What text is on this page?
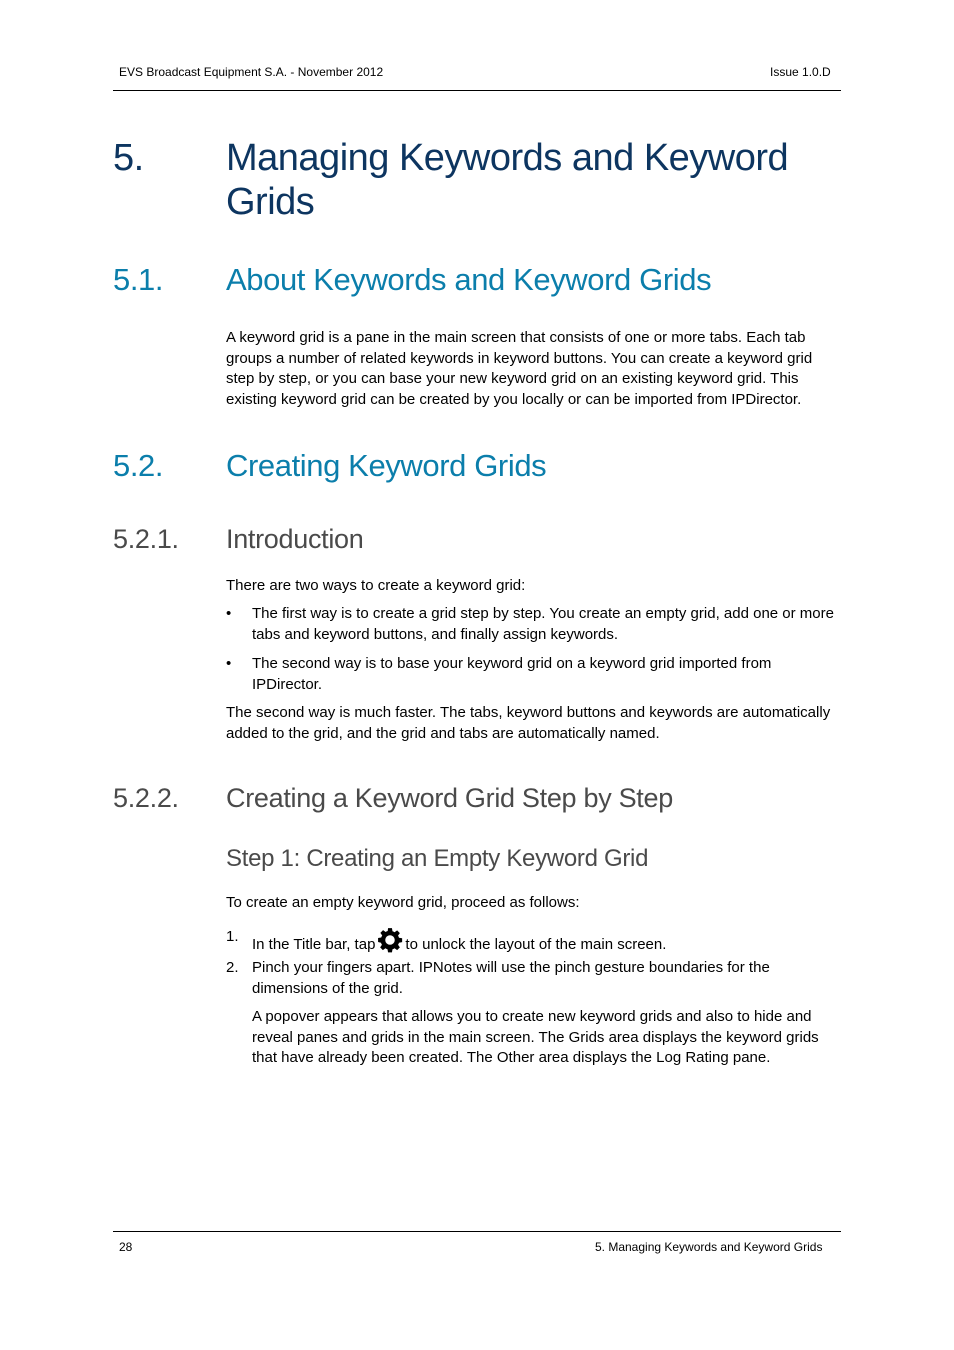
EVS Broadcast Equipment S.A. - November 2012	Issue 1.0.D
5. Managing Keywords and Keyword Grids
5.1. About Keywords and Keyword Grids
A keyword grid is a pane in the main screen that consists of one or more tabs. Each tab groups a number of related keywords in keyword buttons. You can create a keyword grid step by step, or you can base your new keyword grid on an existing keyword grid. This existing keyword grid can be created by you locally or can be imported from IPDirector.
5.2. Creating Keyword Grids
5.2.1. Introduction
There are two ways to create a keyword grid:
• The first way is to create a grid step by step. You create an empty grid, add one or more tabs and keyword buttons, and finally assign keywords.
• The second way is to base your keyword grid on a keyword grid imported from IPDirector.
The second way is much faster. The tabs, keyword buttons and keywords are automatically added to the grid, and the grid and tabs are automatically named.
5.2.2. Creating a Keyword Grid Step by Step
Step 1: Creating an Empty Keyword Grid
To create an empty keyword grid, proceed as follows:
1. In the Title bar, tap to unlock the layout of the main screen.
2. Pinch your fingers apart. IPNotes will use the pinch gesture boundaries for the dimensions of the grid.
A popover appears that allows you to create new keyword grids and also to hide and reveal panes and grids in the main screen. The Grids area displays the keyword grids that have already been created. The Other area displays the Log Rating pane.
28	5. Managing Keywords and Keyword Grids
